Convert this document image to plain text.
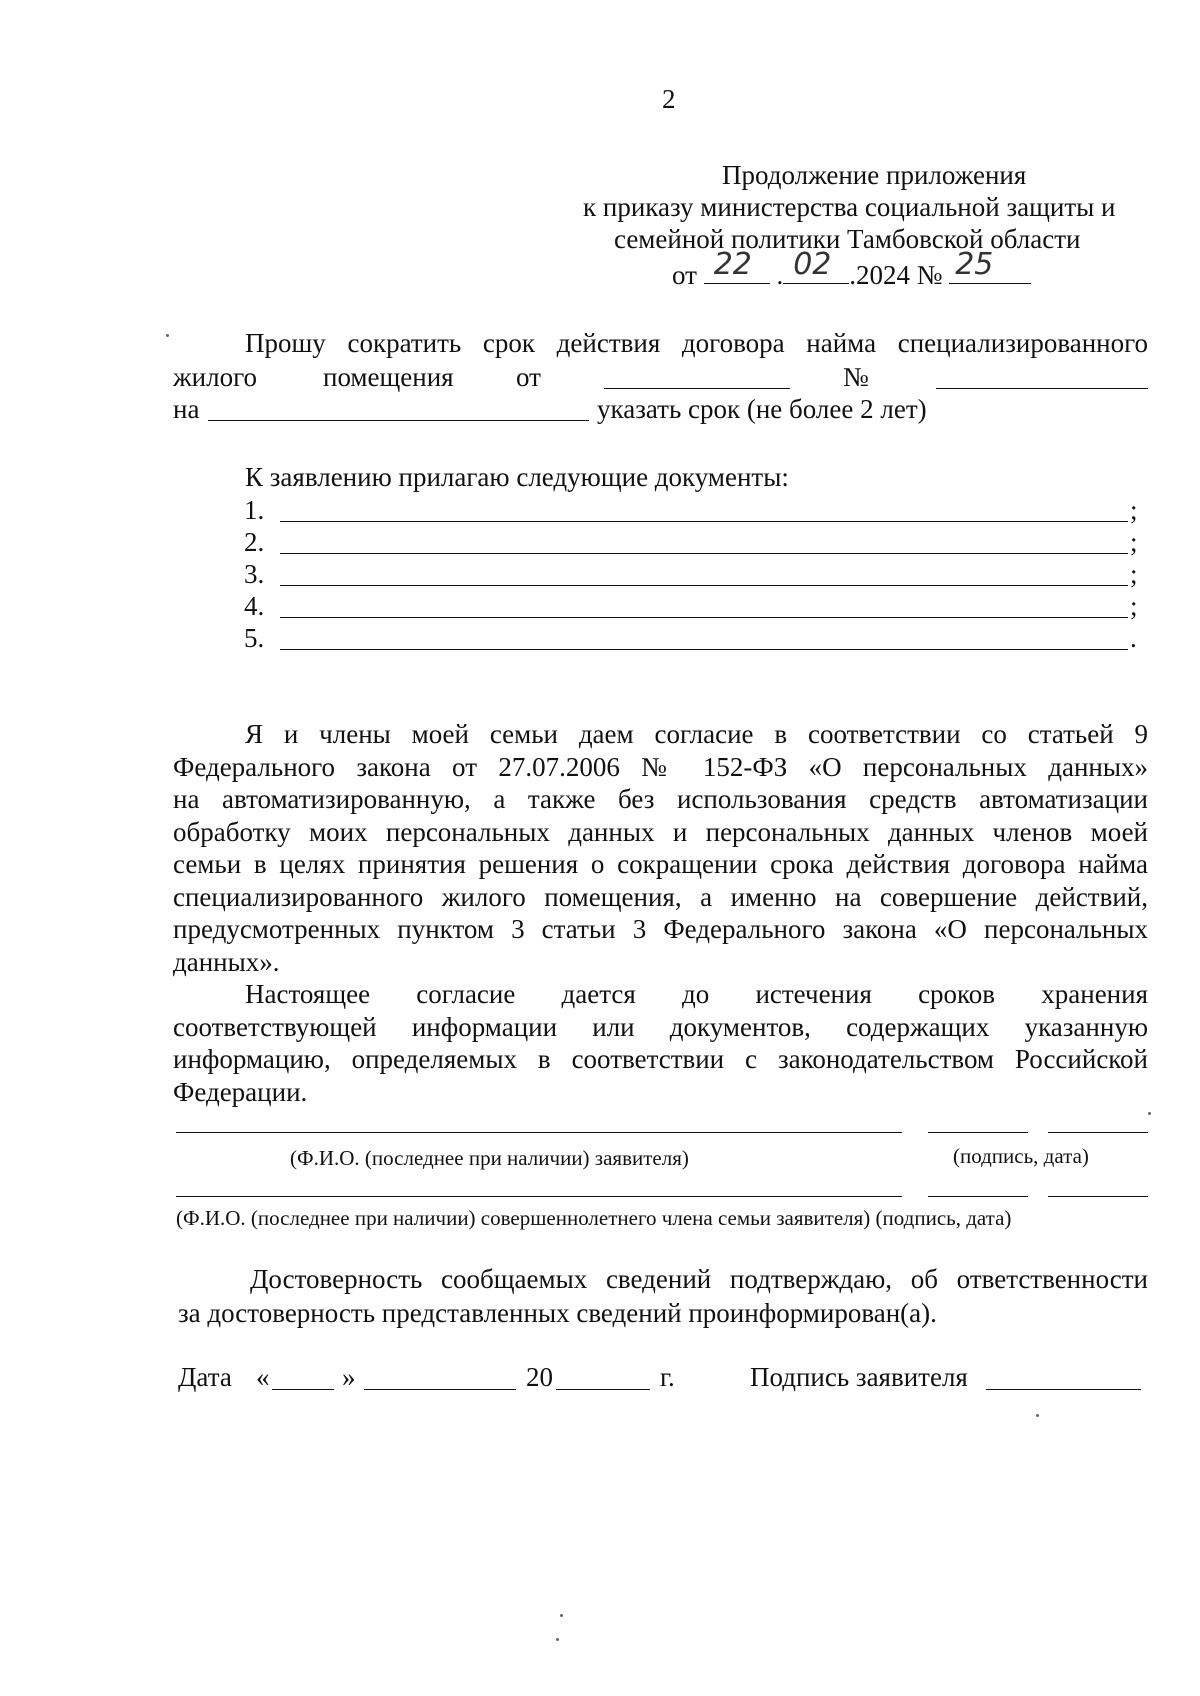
2
Продолжение приложения
к приказу министерства социальной защиты и
семейной политики Тамбовской области
от 22 . 02 .2024 № 25
Прошу сократить срок действия договора найма специализированного
жилого помещения от	№
на	указать срок (не более 2 лет)
К заявлению прилагаю следующие документы:
1.	;
2.	;
3.	;
4.	;
5.	.
Я и члены моей семьи даем согласие в соответствии со статьей 9
Федерального закона от 27.07.2006 № 152-ФЗ «О персональных данных»
на автоматизированную, а также без использования средств автоматизации
обработку моих персональных данных и персональных данных членов моей
семьи в целях принятия решения о сокращении срока действия договора найма
специализированного жилого помещения, а именно на совершение действий,
предусмотренных пунктом 3 статьи 3 Федерального закона «О персональных
данных».
Настоящее согласие дается до истечения сроков хранения
соответствующей информации или документов, содержащих указанную
информацию, определяемых в соответствии с законодательством Российской
Федерации.
(Ф.И.О. (последнее при наличии) заявителя)	(подпись, дата)
(Ф.И.О. (последнее при наличии) совершеннолетнего члена семьи заявителя) (подпись, дата)
Достоверность сообщаемых сведений подтверждаю, об ответственности
за достоверность представленных сведений проинформирован(а).
Дата «	»	20	г.	Подпись заявителя
